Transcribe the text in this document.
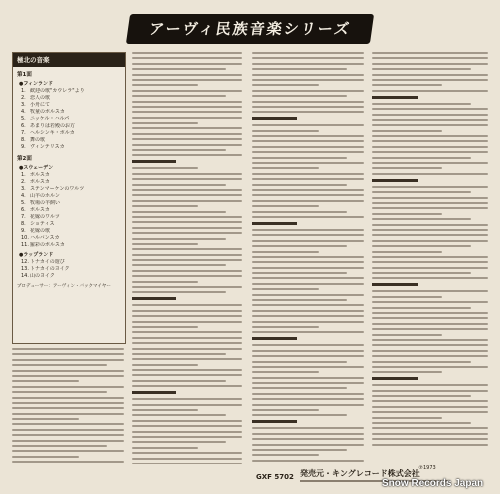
アーヴィ民族音楽シリーズ
極北の音楽
第1面
●フィンランド
1. 歓迎の歌"カウレラ"より
2. 恋人の歌
3. 小舟にて
4. 牧童のポルスカ
5. ニッケル・ハルパ
6. あまりは若殿のお方
7. ヘルシンキ・ポルカ
8. 舞の歌
9. ヴィンテリスカ
第2面
●スウェーデン
1. ポルスカ
2. ポルスカ
3. ステンマーケンのワルツ
4. 山羊のホルン
5. 牧場の羊飼い
6. ポルスカ
7. 花嫁のワルツ
8. ショティス
9. 花嫁の歌
10.ハルバンスカ
11.羅彩のポルスカ
●ラップランド
12.トナカイの遊び
13.トナカイのヨイク
14.山のヨイク
プロデューサー：アーヴィン・バックマイヤー
GXF 5702 発売元・キングレコード株式会社
℗1973
Snow Records Japan
